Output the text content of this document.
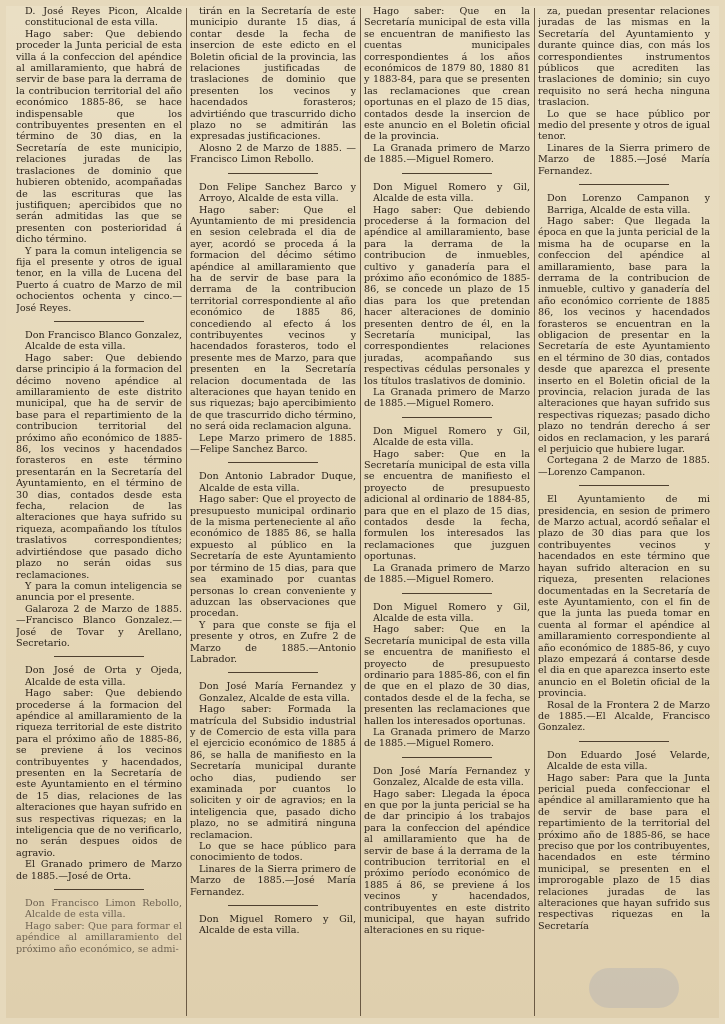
D. José Reyes Picon, Alcalde constitucional de esta villa.

Hago saber: Que debiendo proceder la Junta pericial de esta villa á la confeccion del apéndice al amillaramiento, que habrá de servir de base para la derrama de la contribucion territorial del año económico 1885-86, se hace indispensable que los contribuyentes presenten en el término de 30 dias, en la Secretaría de este municipio, relaciones juradas de las traslaciones de dominio que hubieren obtenido, acompañadas de las escrituras que las justifiquen; apercibidos que no serán admitidas las que se presenten con posterioridad á dicho término.

Y para la comun inteligencia se fija el presente y otros de igual tenor, en la villa de Lucena del Puerto á cuatro de Marzo de mil ochocientos ochenta y cinco.—José Reyes.

Don Francisco Blanco Gonzalez, Alcalde de esta villa.

Hago saber: Que debiendo darse principio á la formacion del décimo noveno apéndice al amillaramiento de este distrito municipal, que ha de servir de base para el repartimiento de la contribucion territorial del próximo año económico de 1885-86, los vecinos y hacendados forasteros en este término presentarán en la Secretaría del Ayuntamiento, en el término de 30 dias, contados desde esta fecha, relacion de las alteraciones que haya sufrido su riqueza, acompañando los títulos traslativos correspondientes; advirtiéndose que pasado dicho plazo no serán oidas sus reclamaciones.

Y para la comun inteligencia se anuncia por el presente.

Galaroza 2 de Marzo de 1885. —Francisco Blanco Gonzalez.— José de Tovar y Arellano, Secretario.

Don José de Orta y Ojeda, Alcalde de esta villa.

Hago saber: Que debiendo procederse á la formacion del apéndice al amillaramiento de la riqueza territorial de este distrito para el próximo año de 1885-86, se previene á los vecinos contribuyentes y hacendados, presenten en la Secretaría de este Ayuntamiento en el término de 15 dias, relaciones de las alteraciones que hayan sufrido en sus respectivas riquezas; en la inteligencia que de no verificarlo, no serán despues oidos de agravio.

El Granado primero de Marzo de 1885.—José de Orta.

Don Francisco Limon Rebollo, Alcalde de esta villa.

Hago saber: Que para formar el apéndice al amillaramiento del próximo año económico, se admi-

tirán en la Secretaría de este municipio durante 15 dias, á contar desde la fecha de insercion de este edicto en el Boletin oficial de la provincia, las relaciones justificadas de traslaciones de dominio que presenten los vecinos y hacendados forasteros; advirtiéndo que trascurrido dicho plazo no se admitirán las expresadas justificaciones.

Alosno 2 de Marzo de 1885. —Francisco Limon Rebollo.

Don Felipe Sanchez Barco y Arroyo, Alcalde de esta villa.

Hago saber: Que el Ayuntamiento de mi presidencia en sesion celebrada el dia de ayer, acordó se proceda á la formacion del décimo sétimo apéndice al amillaramiento que ha de servir de base para la derrama de la contribucion territorial correspondiente al año económico de 1885 86, concediendo al efecto á los contribuyentes vecinos y hacendados forasteros, todo el presente mes de Marzo, para que presenten en la Secretaría relacion documentada de las alteraciones que hayan tenido en sus riquezas; bajo apercibimiento de que trascurrido dicho término, no será oida reclamacion alguna.

Lepe Marzo primero de 1885. —Felipe Sanchez Barco.

Don Antonio Labrador Duque, Alcalde de esta villa.

Hago saber: Que el proyecto de presupuesto municipal ordinario de la misma perteneciente al año económico de 1885 86, se halla expuesto al público en la Secretaría de este Ayuntamiento por término de 15 dias, para que sea examinado por cuantas personas lo crean conveniente y aduzcan las observaciones que procedan.

Y para que conste se fija el presente y otros, en Zufre 2 de Marzo de 1885.—Antonio Labrador.

Don José María Fernandez y Gonzalez, Alcalde de esta villa.

Hago saber: Formada la matrícula del Subsidio industrial y de Comercio de esta villa para el ejercicio económico de 1885 á 86, se halla de manifiesto en la Secretaría municipal durante ocho dias, pudiendo ser examinada por cuantos lo soliciten y oir de agravios; en la inteligencia que, pasado dicho plazo, no se admitirá ninguna reclamacion.

Lo que se hace público para conocimiento de todos.

Linares de la Sierra primero de Marzo de 1885.—José María Fernandez.

Don Miguel Romero y Gil, Alcalde de esta villa.

Hago saber: Que en la Secretaría municipal de esta villa se encuentran de manifiesto las cuentas municipales correspondientes á los años económicos de 1879 80, 1880 81 y 1883-84, para que se presenten las reclamaciones que crean oportunas en el plazo de 15 dias, contados desde la insercion de este anuncio en el Boletin oficial de la provincia.

La Granada primero de Marzo de 1885.—Miguel Romero.

Don Miguel Romero y Gil, Alcalde de esta villa.

Hago saber: Que debiendo procederse á la formacion del apéndice al amillaramiento, base para la derrama de la contribucion de inmuebles, cultivo y ganadería para el próximo año económico de 1885-86, se concede un plazo de 15 dias para los que pretendan hacer alteraciones de dominio presenten dentro de él, en la Secretaría municipal, las correspondientes relaciones juradas, acompañando sus respectivas cédulas personales y los títulos traslativos de dominio.

La Granada primero de Marzo de 1885.—Miguel Romero.

Don Miguel Romero y Gil, Alcalde de esta villa.

Hago saber: Que en la Secretaría municipal de esta villa se encuentra de manifiesto el proyecto de presupuesto adicional al ordinario de 1884-85, para que en el plazo de 15 dias, contados desde la fecha, formulen los interesados las reclamaciones que juzguen oportunas.

La Granada primero de Marzo de 1885.—Miguel Romero.

Don Miguel Romero y Gil, Alcalde de esta villa.

Hago saber: Que en la Secretaría municipal de esta villa se encuentra de manifiesto el proyecto de presupuesto ordinario para 1885-86, con el fin de que en el plazo de 30 dias, contados desde el de la fecha, se presenten las reclamaciones que hallen los interesados oportunas.

La Granada primero de Marzo de 1885.—Miguel Romero.

Don José María Fernandez y Gonzalez, Alcalde de esta villa.

Hago saber: Llegada la época en que por la junta pericial se ha de dar principio á los trabajos para la confeccion del apéndice al amillaramiento que ha de servir de base á la derrama de la contribucion territorial en el próximo período económico de 1885 á 86, se previene á los vecinos y hacendados, contribuyentes en este distrito municipal, que hayan sufrido alteraciones en su rique-

za, puedan presentar relaciones juradas de las mismas en la Secretaría del Ayuntamiento y durante quince dias, con más los correspondientes instrumentos públicos que acrediten las traslaciones de dominio; sin cuyo requisito no será hecha ninguna traslacion.

Lo que se hace público por medio del presente y otros de igual tenor.

Linares de la Sierra primero de Marzo de 1885.—José María Fernandez.

Don Lorenzo Campanon y Barriga, Alcalde de esta villa.

Hago saber: Que llegada la época en que la junta pericial de la misma ha de ocuparse en la confeccion del apéndice al amillaramiento, base para la derrama de la contribucion de inmueble, cultivo y ganadería del año económico corriente de 1885 86, los vecinos y hacendados forasteros se encuentran en la obligacion de presentar en la Secretaría de este Ayuntamiento en el término de 30 dias, contados desde que aparezca el presente inserto en el Boletin oficial de la provincia, relacion jurada de las alteraciones que hayan sufrido sus respectivas riquezas; pasado dicho plazo no tendrán derecho á ser oidos en reclamacion, y les parará el perjuicio que hubiere lugar.

Cortegana 2 de Marzo de 1885. —Lorenzo Campanon.

El Ayuntamiento de mi presidencia, en sesion de primero de Marzo actual, acordó señalar el plazo de 30 dias para que los contribuyentes vecinos y hacendados en este término que hayan sufrido alteracion en su riqueza, presenten relaciones documentadas en la Secretaría de este Ayuntamiento, con el fin de que la junta las pueda tomar en cuenta al formar el apéndice al amillaramiento correspondiente al año económico de 1885-86, y cuyo plazo empezará á contarse desde el dia en que aparezca inserto este anuncio en el Boletin oficial de la provincia.

Rosal de la Frontera 2 de Marzo de 1885.—El Alcalde, Francisco Gonzalez.

Don Eduardo José Velarde, Alcalde de esta villa.

Hago saber: Para que la Junta pericial pueda confeccionar el apéndice al amillaramiento que ha de servir de base para el repartimiento de la territorial del próximo año de 1885-86, se hace preciso que por los contribuyentes, hacendados en este término municipal, se presenten en el improrogable plazo de 15 dias relaciones juradas de las alteraciones que hayan sufrido sus respectivas riquezas en la Secretaría
